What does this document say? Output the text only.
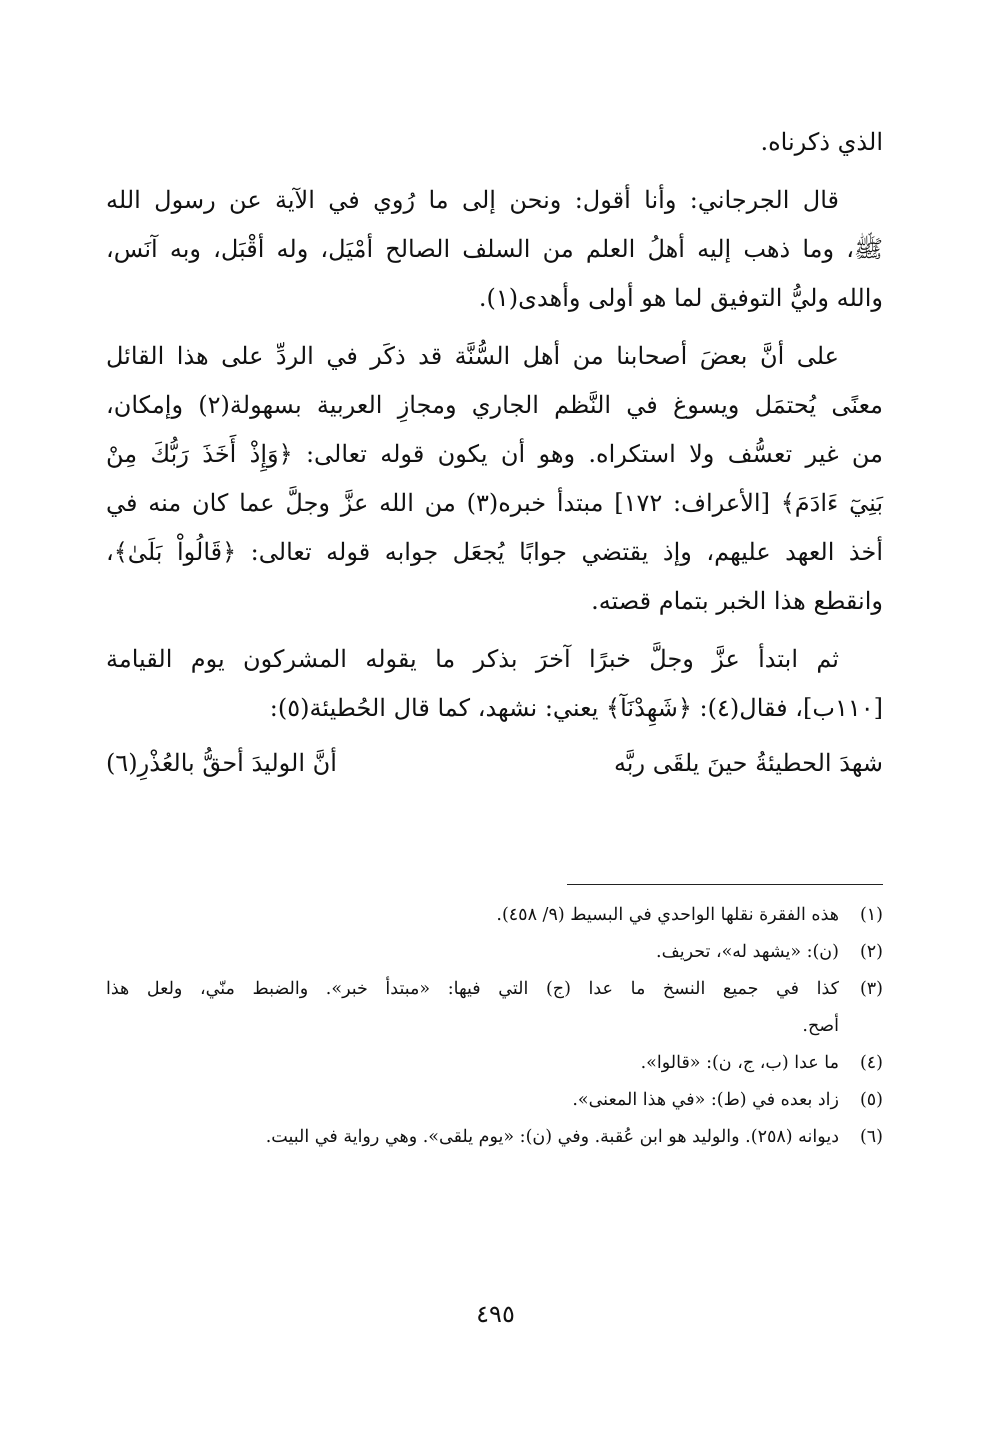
الذي ذكرناه.
قال الجرجاني: وأنا أقول: ونحن إلى ما رُوي في الآية عن رسول الله
ﷺ، وما ذهب إليه أهلُ العلم من السلف الصالح أمْيَل، وله أقْبَل، وبه آنَس،
والله وليُّ التوفيق لما هو أولى وأهدى(١).
على أنَّ بعضَ أصحابنا من أهل السُّنَّة قد ذكَر في الردِّ على هذا القائل
معنًى يُحتمَل ويسوغ في النَّظم الجاري ومجازِ العربية بسهولة(٢) وإمكان،
من غير تعسُّف ولا استكراه. وهو أن يكون قوله تعالى: ﴿وَإِذْ أَخَذَ رَبُّكَ مِنْ
بَنِيٓ ءَادَمَ﴾ [الأعراف: ١٧٢] مبتدأ خبره(٣) من الله عزَّ وجلَّ عما كان منه في
أخذ العهد عليهم، وإذ يقتضي جوابًا يُجعَل جوابه قوله تعالى: ﴿قَالُواْ بَلَىٰ﴾،
وانقطع هذا الخبر بتمام قصته.
ثم ابتدأ عزَّ وجلَّ خبرًا آخرَ بذكر ما يقوله المشركون يوم القيامة
[١١٠ب]، فقال(٤): ﴿شَهِدْنَآ﴾ يعني: نشهد، كما قال الحُطيئة(٥):
شهدَ الحطيئةُ حينَ يلقَى ربَّه
أنَّ الوليدَ أحقُّ بالعُذْرِ(٦)
(١)
هذه الفقرة نقلها الواحدي في البسيط (٩/ ٤٥٨).
(٢)
(ن): «يشهد له»، تحريف.
(٣)
كذا في جميع النسخ ما عدا (ج) التي فيها: «مبتدأ خبر». والضبط منّي، ولعل هذا
أصح.
(٤)
ما عدا (ب، ج، ن): «قالوا».
(٥)
زاد بعده في (ط): «في هذا المعنى».
(٦)
ديوانه (٢٥٨). والوليد هو ابن عُقبة. وفي (ن): «يوم يلقى». وهي رواية في البيت.
٤٩٥
